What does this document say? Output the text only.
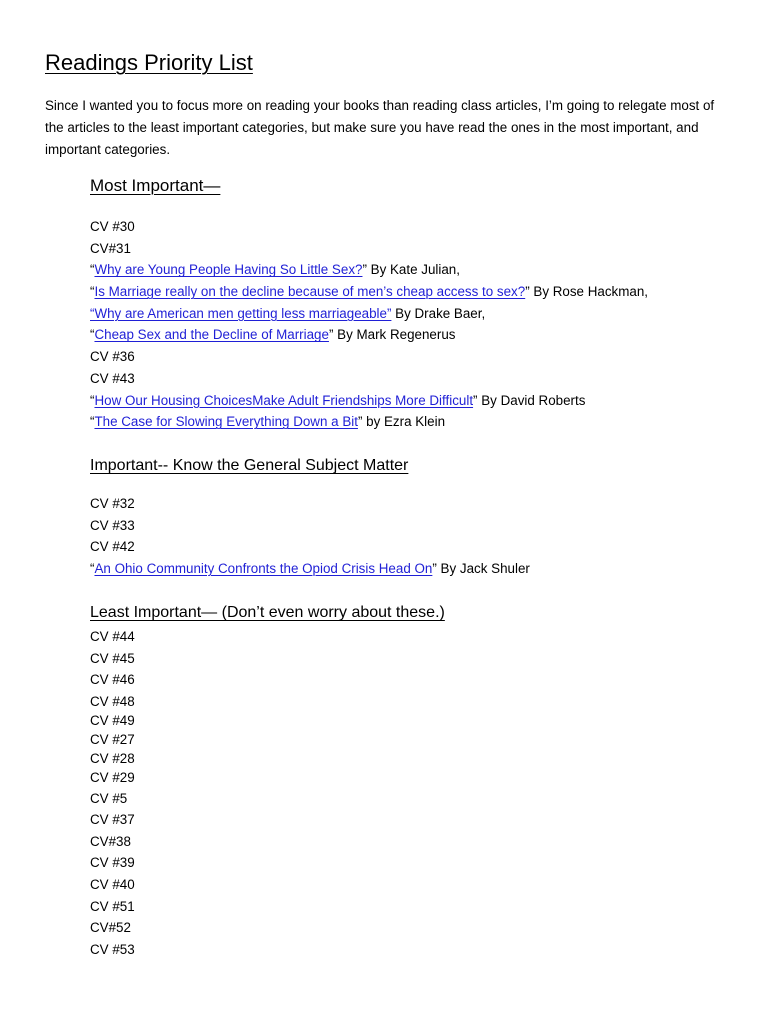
Readings Priority List

Since I wanted you to focus more on reading your books than reading class articles, I’m going to relegate most of the articles to the least important categories, but make sure you have read the ones in the most important, and important categories.

Most Important—
CV #30
CV#31
“Why are Young People Having So Little Sex?” By Kate Julian,
“Is Marriage really on the decline because of men’s cheap access to sex?” By Rose Hackman,
“Why are American men getting less marriageable” By Drake Baer,
“Cheap Sex and the Decline of Marriage” By Mark Regenerus
CV #36
CV #43
“How Our Housing ChoicesMake Adult Friendships More Difficult” By David Roberts
“The Case for Slowing Everything Down a Bit” by Ezra Klein
Important-- Know the General Subject Matter
CV #32
CV #33
CV #42
“An Ohio Community Confronts the Opiod Crisis Head On” By Jack Shuler
Least Important— (Don’t even worry about these.)
CV #44
CV #45
CV #46
CV #48
CV #49
CV #27
CV #28
CV #29
CV #5
CV #37
CV#38
CV #39
CV #40
CV #51
CV#52
CV #53
